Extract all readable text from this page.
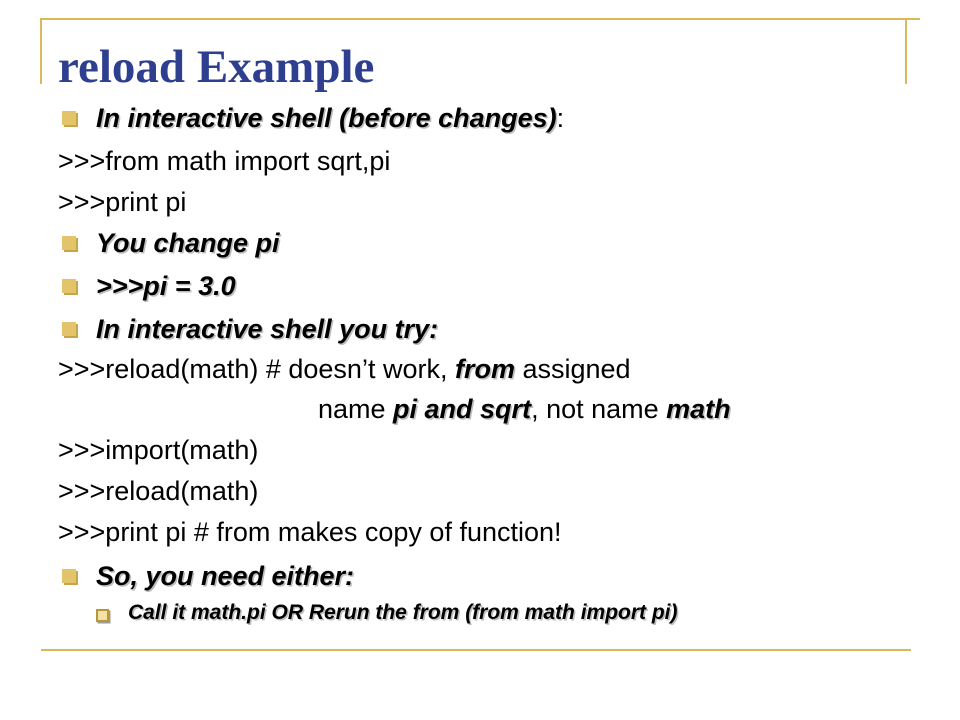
reload Example
In interactive shell (before changes):
>>>from math import sqrt,pi
>>>print pi
You change pi
>>>pi = 3.0
In interactive shell you try:
>>>reload(math) # doesn’t work, from assigned
name pi and sqrt, not name math
>>>import(math)
>>>reload(math)
>>>print pi # from makes copy of function!
So, you need either:
Call it math.pi OR Rerun the from (from math import pi)
